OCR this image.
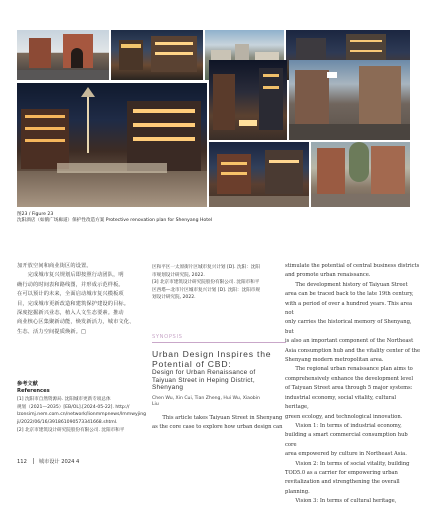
图23 / Figure 23
沈阳酒店（如鹤广场廊道）保护性改造方案 Protective renovation plan for Shenyang Hotel
加开放空间和商业街区的设置。
　　完成城市复兴规划后即按照行动团队，明
确行动的时间表和路线图，并形成示范样板。
在可以预计的未来，全面启动城市复兴模板项
目，完成城市更新改造和建筑保护建设的目标。
深度挖掘新兴业态，植入人文生态要素。推动
商业核心区集聚新动能，焕发新活力，城市文化、
生态、活力空间提质焕新。□
参考文献
References
[1] 沈阳市自然资源局. 沈阳城市更新专项总体
规划（2021—2035）[EB/OL].[2024-05-22]. http://
lzonsimj.nem.com.cn/network/lionmmpnews/lmmwyjing
ji/2022/06/16/391861090573341668.shtml.
[2] 北京市建筑设计研究院股份有限公司. 沈阳市和平
区和平区一太原街片区城市复兴计划 [D]. 沈阳：沈阳
市规划设计研究院, 2022.
[3] 北京市建筑设计研究院股份有限公司. 沈阳市和平
区西塔—北市片区城市复兴计划 [D]. 沈阳：沈阳市规
划设计研究院, 2022.
SYNOPSIS
Urban Design Inspires the
Potential of CBD:
Design for Urban Renaissance of
Taiyuan Street in Heping District,
Shenyang
Chen Wu, Xin Cui, Tian Zheng, Hui Wu, Xiaobin
Liu
　　This article takes Taiyuan Street in Shenyang
as the core case to explore how urban design can
stimulate the potential of central business districts
and promote urban renaissance.
　　The development history of Taiyuan Street
area can be traced back to the late 19th century,
with a period of over a hundred years. This area not
only carries the historical memory of Shenyang, but
is also an important component of the Northeast
Asia consumption hub and the vitality center of the
Shenyang modern metropolitan area.
　　The regional urban renaissance plan aims to
comprehensively enhance the development level
of Taiyuan Street area through 5 major systems:
industrial economy, social vitality, cultural heritage,
green ecology, and technological innovation.
　　Vision 1: In terms of industrial economy,
building a smart commercial consumption hub core
area empowered by culture in Northeast Asia.
　　Vision 2: In terms of social vitality, building
TOD5.0 as a carrier for empowering urban
revitalization and strengthening the overall planning.
　　Vision 3: In terms of cultural heritage,
112 城市设计 2024 4
